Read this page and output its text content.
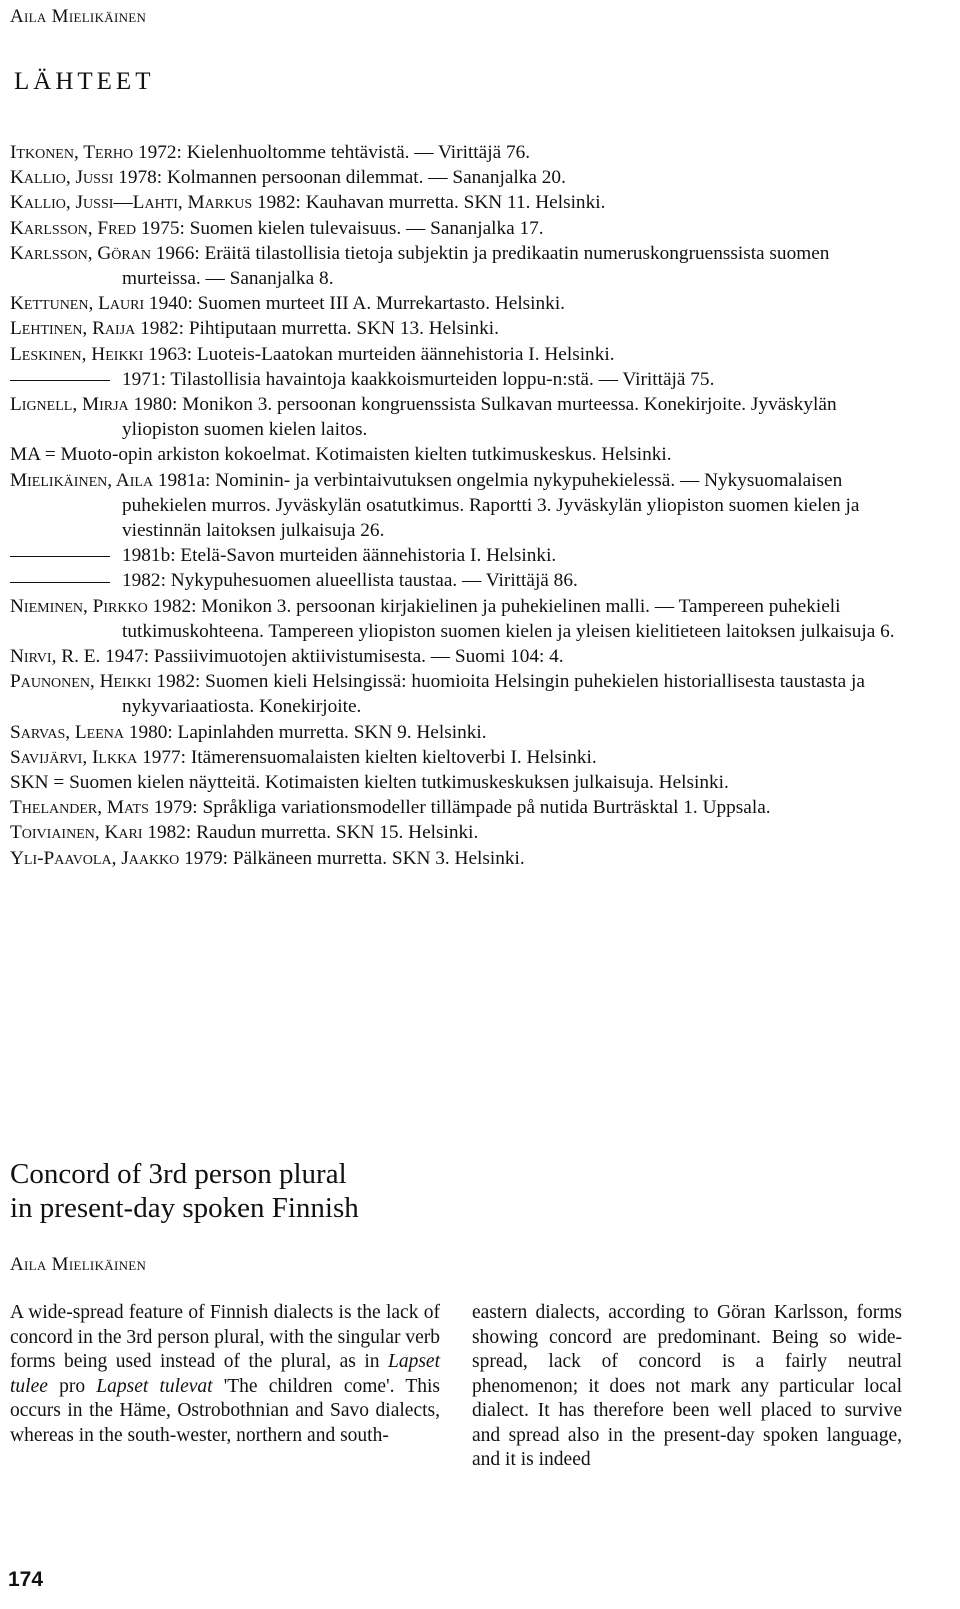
Aila Mielikäinen
LÄHTEET

Itkonen, Terho 1972: Kielenhuoltomme tehtävistä. — Virittäjä 76.

Kallio, Jussi 1978: Kolmannen persoonan dilemmat. — Sananjalka 20.

Kallio, Jussi—Lahti, Markus 1982: Kauhavan murretta. SKN 11. Helsinki.

Karlsson, Fred 1975: Suomen kielen tulevaisuus. — Sananjalka 17.

Karlsson, Göran 1966: Eräitä tilastollisia tietoja subjektin ja predikaatin numeruskongruenssista suomen murteissa. — Sananjalka 8.

Kettunen, Lauri 1940: Suomen murteet III A. Murrekartasto. Helsinki.

Lehtinen, Raija 1982: Pihtiputaan murretta. SKN 13. Helsinki.

Leskinen, Heikki 1963: Luoteis-Laatokan murteiden äännehistoria I. Helsinki.

1971: Tilastollisia havaintoja kaakkoismurteiden loppu-n:stä. — Virittäjä 75.

Lignell, Mirja 1980: Monikon 3. persoonan kongruenssista Sulkavan murteessa. Konekirjoite. Jyväskylän yliopiston suomen kielen laitos.

MA = Muoto-opin arkiston kokoelmat. Kotimaisten kielten tutkimuskeskus. Helsinki.

Mielikäinen, Aila 1981a: Nominin- ja verbintaivutuksen ongelmia nykypuhekielessä. — Nykysuomalaisen puhekielen murros. Jyväskylän osatutkimus. Raportti 3. Jyväskylän yliopiston suomen kielen ja viestinnän laitoksen julkaisuja 26.

1981b: Etelä-Savon murteiden äännehistoria I. Helsinki.

1982: Nykypuhesuomen alueellista taustaa. — Virittäjä 86.

Nieminen, Pirkko 1982: Monikon 3. persoonan kirjakielinen ja puhekielinen malli. — Tampereen puhekieli tutkimuskohteena. Tampereen yliopiston suomen kielen ja yleisen kielitieteen laitoksen julkaisuja 6.

Nirvi, R. E. 1947: Passiivimuotojen aktiivistumisesta. — Suomi 104: 4.

Paunonen, Heikki 1982: Suomen kieli Helsingissä: huomioita Helsingin puhekielen historiallisesta taustasta ja nykyvariaatiosta. Konekirjoite.

Sarvas, Leena 1980: Lapinlahden murretta. SKN 9. Helsinki.

Savijärvi, Ilkka 1977: Itämerensuomalaisten kielten kieltoverbi I. Helsinki.

SKN = Suomen kielen näytteitä. Kotimaisten kielten tutkimuskeskuksen julkaisuja. Helsinki.

Thelander, Mats 1979: Språkliga variationsmodeller tillämpade på nutida Burträsktal 1. Uppsala.

Toiviainen, Kari 1982: Raudun murretta. SKN 15. Helsinki.

Yli-Paavola, Jaakko 1979: Pälkäneen murretta. SKN 3. Helsinki.

Concord of 3rd person plural
in present-day spoken Finnish
Aila Mielikäinen
A wide-spread feature of Finnish dialects is the lack of concord in the 3rd person plural, with the singular verb forms being used instead of the plural, as in Lapset tulee pro Lapset tulevat 'The children come'. This occurs in the Häme, Ostrobothnian and Savo dialects, whereas in the south-wester, northern and south-
eastern dialects, according to Göran Karlsson, forms showing concord are predominant. Being so wide-spread, lack of concord is a fairly neutral phenomenon; it does not mark any particular local dialect. It has therefore been well placed to survive and spread also in the present-day spoken language, and it is indeed
174
